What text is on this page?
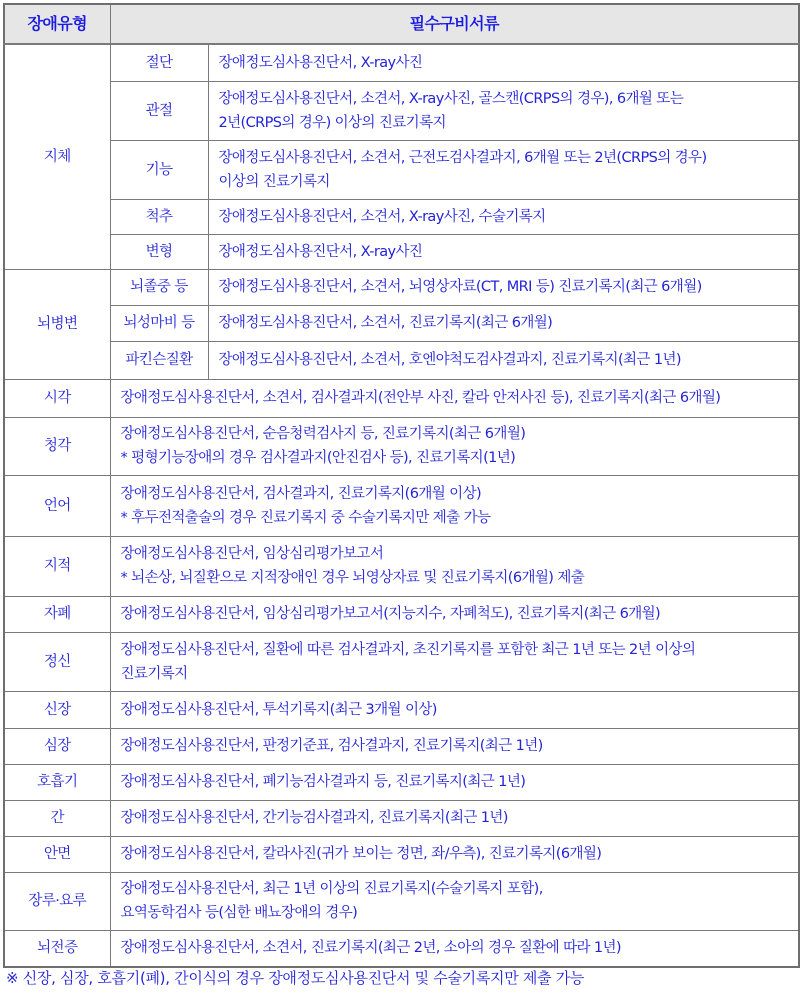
장애유형	필수구비서류	
지체	절단	장애정도심사용진단서, X-ray사진

	관절	장애정도심사용진단서, 소견서, X-ray사진, 골스캔(CRPS의 경우), 6개월 또는
2년(CRPS의 경우) 이상의 진료기록지

	기능	장애정도심사용진단서, 소견서, 근전도검사결과지, 6개월 또는 2년(CRPS의 경우)
이상의 진료기록지

	척추	장애정도심사용진단서, 소견서, X-ray사진, 수술기록지

	변형	장애정도심사용진단서, X-ray사진

뇌병변	뇌졸중 등	장애정도심사용진단서, 소견서, 뇌영상자료(CT, MRI 등) 진료기록지(최근 6개월)

	뇌성마비 등	장애정도심사용진단서, 소견서, 진료기록지(최근 6개월)

	파킨슨질환	장애정도심사용진단서, 소견서, 호엔야척도검사결과지, 진료기록지(최근 1년)

시각	장애정도심사용진단서, 소견서, 검사결과지(전안부 사진, 칼라 안저사진 등), 진료기록지(최근 6개월)	

청각	장애정도심사용진단서, 순음청력검사지 등, 진료기록지(최근 6개월)
* 평형기능장애의 경우 검사결과지(안진검사 등), 진료기록지(1년)	

언어	장애정도심사용진단서, 검사결과지, 진료기록지(6개월 이상)
* 후두전적출술의 경우 진료기록지 중 수술기록지만 제출 가능	

지적	장애정도심사용진단서, 임상심리평가보고서
* 뇌손상, 뇌질환으로 지적장애인 경우 뇌영상자료 및 진료기록지(6개월) 제출	

자폐	장애정도심사용진단서, 임상심리평가보고서(지능지수, 자폐척도), 진료기록지(최근 6개월)	

정신	장애정도심사용진단서, 질환에 따른 검사결과지, 초진기록지를 포함한 최근 1년 또는 2년 이상의
진료기록지	

신장	장애정도심사용진단서, 투석기록지(최근 3개월 이상)	

심장	장애정도심사용진단서, 판정기준표, 검사결과지, 진료기록지(최근 1년)	

호흡기	장애정도심사용진단서, 폐기능검사결과지 등, 진료기록지(최근 1년)	

간	장애정도심사용진단서, 간기능검사결과지, 진료기록지(최근 1년)	

안면	장애정도심사용진단서, 칼라사진(귀가 보이는 정면, 좌/우측), 진료기록지(6개월)	

장루·요루	장애정도심사용진단서, 최근 1년 이상의 진료기록지(수술기록지 포함),
요역동학검사 등(심한 배뇨장애의 경우)	

뇌전증	장애정도심사용진단서, 소견서, 진료기록지(최근 2년, 소아의 경우 질환에 따라 1년)	
※ 신장, 심장, 호흡기(폐), 간이식의 경우 장애정도심사용진단서 및 수술기록지만 제출 가능
